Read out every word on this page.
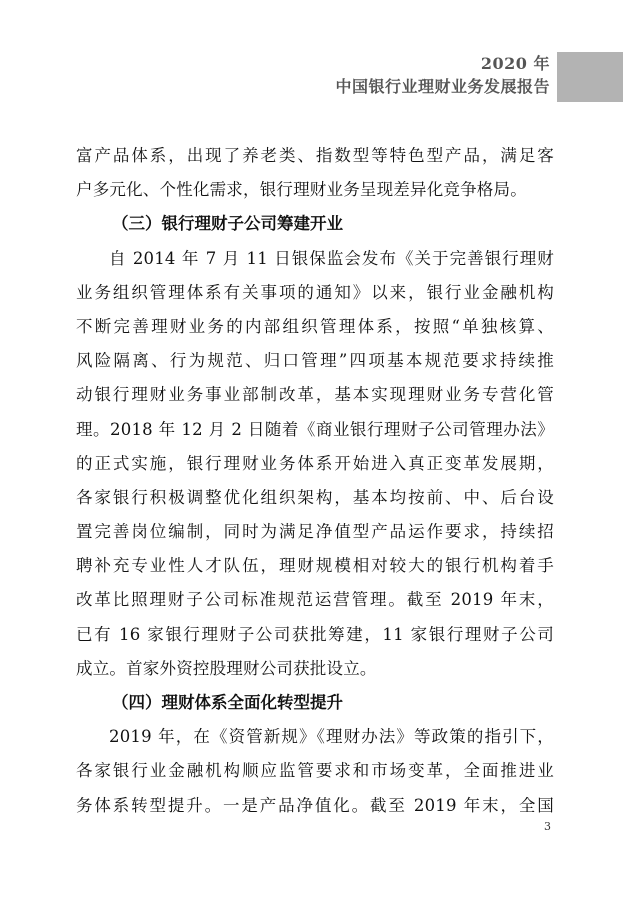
2020 年
中国银行业理财业务发展报告
富产品体系，出现了养老类、指数型等特色型产品，满足客
户多元化、个性化需求，银行理财业务呈现差异化竞争格局。
（三）银行理财子公司筹建开业
自 2014 年 7 月 11 日银保监会发布《关于完善银行理财
业务组织管理体系有关事项的通知》以来，银行业金融机构
不断完善理财业务的内部组织管理体系，按照“单独核算、
风险隔离、行为规范、归口管理”四项基本规范要求持续推
动银行理财业务事业部制改革，基本实现理财业务专营化管
理。2018 年 12 月 2 日随着《商业银行理财子公司管理办法》
的正式实施，银行理财业务体系开始进入真正变革发展期，
各家银行积极调整优化组织架构，基本均按前、中、后台设
置完善岗位编制，同时为满足净值型产品运作要求，持续招
聘补充专业性人才队伍，理财规模相对较大的银行机构着手
改革比照理财子公司标准规范运营管理。截至 2019 年末，
已有 16 家银行理财子公司获批筹建，11 家银行理财子公司
成立。首家外资控股理财公司获批设立。
（四）理财体系全面化转型提升
2019 年，在《资管新规》《理财办法》等政策的指引下，
各家银行业金融机构顺应监管要求和市场变革，全面推进业
务体系转型提升。一是产品净值化。截至 2019 年末，全国
3
